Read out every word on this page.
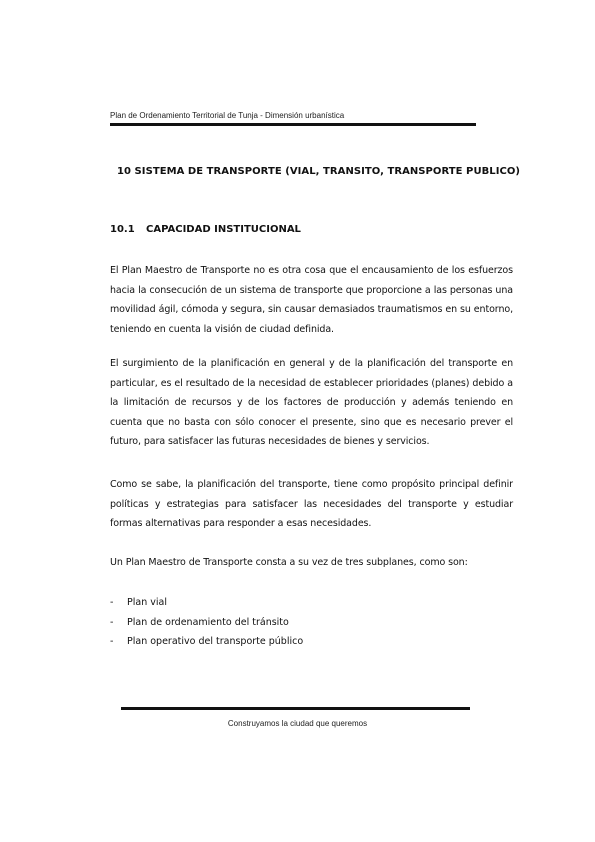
Plan de Ordenamiento Territorial de Tunja - Dimensión urbanística
10 SISTEMA DE TRANSPORTE (VIAL, TRANSITO, TRANSPORTE PUBLICO)
10.1 CAPACIDAD INSTITUCIONAL
El Plan Maestro de Transporte no es otra cosa que el encausamiento de los esfuerzos hacia la consecución de un sistema de transporte que proporcione a las personas una movilidad ágil, cómoda y segura, sin causar demasiados traumatismos en su entorno, teniendo en cuenta la visión de ciudad definida.
El surgimiento de la planificación en general y de la planificación del transporte en particular, es el resultado de la necesidad de establecer prioridades (planes) debido a la limitación de recursos y de los factores de producción y además teniendo en cuenta que no basta con sólo conocer el presente, sino que es necesario prever el futuro, para satisfacer las futuras necesidades de bienes y servicios.
Como se sabe, la planificación del transporte, tiene como propósito principal definir políticas y estrategias para satisfacer las necesidades del transporte y estudiar formas alternativas para responder a esas necesidades.
Un Plan Maestro de Transporte consta a su vez de tres subplanes, como son:
- Plan vial
- Plan de ordenamiento del tránsito
- Plan operativo del transporte público
Construyamos la ciudad que queremos
